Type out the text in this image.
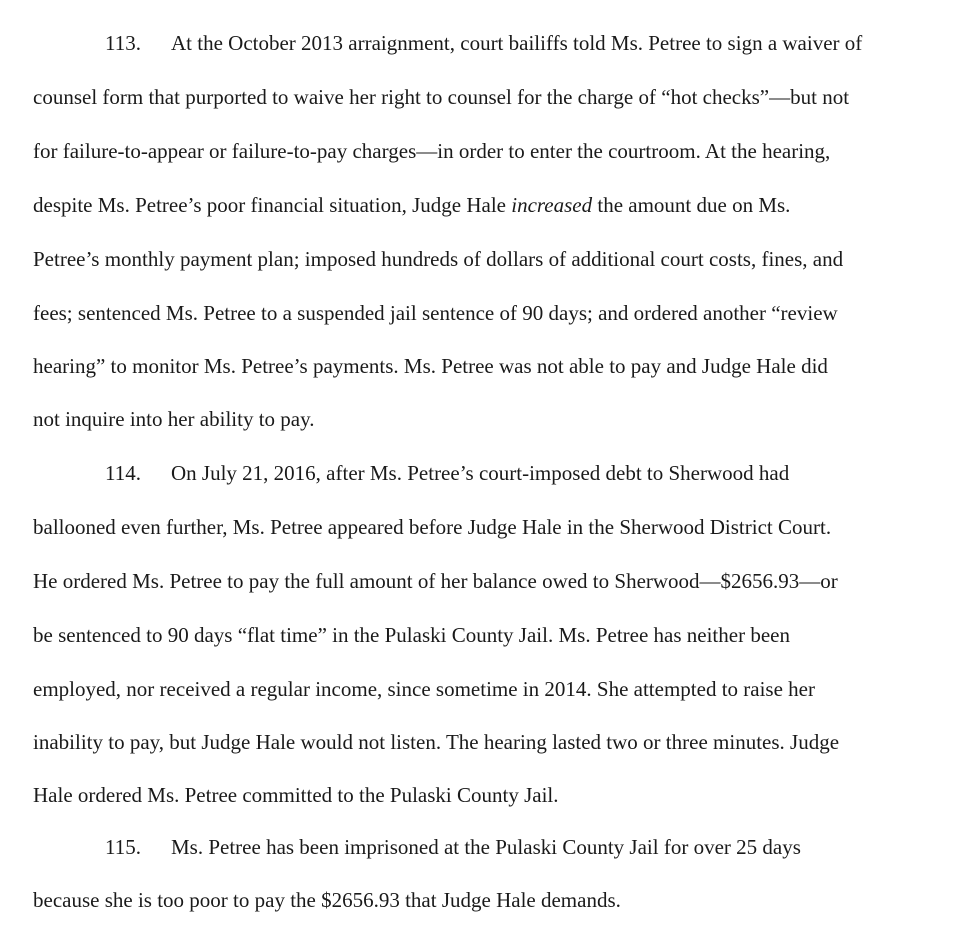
113. At the October 2013 arraignment, court bailiffs told Ms. Petree to sign a waiver of
counsel form that purported to waive her right to counsel for the charge of “hot checks”—but not
for failure-to-appear or failure-to-pay charges—in order to enter the courtroom. At the hearing,
despite Ms. Petree’s poor financial situation, Judge Hale increased the amount due on Ms.
Petree’s monthly payment plan; imposed hundreds of dollars of additional court costs, fines, and
fees; sentenced Ms. Petree to a suspended jail sentence of 90 days; and ordered another “review
hearing” to monitor Ms. Petree’s payments. Ms. Petree was not able to pay and Judge Hale did
not inquire into her ability to pay.
114. On July 21, 2016, after Ms. Petree’s court-imposed debt to Sherwood had
ballooned even further, Ms. Petree appeared before Judge Hale in the Sherwood District Court.
He ordered Ms. Petree to pay the full amount of her balance owed to Sherwood—$2656.93—or
be sentenced to 90 days “flat time” in the Pulaski County Jail. Ms. Petree has neither been
employed, nor received a regular income, since sometime in 2014. She attempted to raise her
inability to pay, but Judge Hale would not listen. The hearing lasted two or three minutes. Judge
Hale ordered Ms. Petree committed to the Pulaski County Jail.
115. Ms. Petree has been imprisoned at the Pulaski County Jail for over 25 days
because she is too poor to pay the $2656.93 that Judge Hale demands.
